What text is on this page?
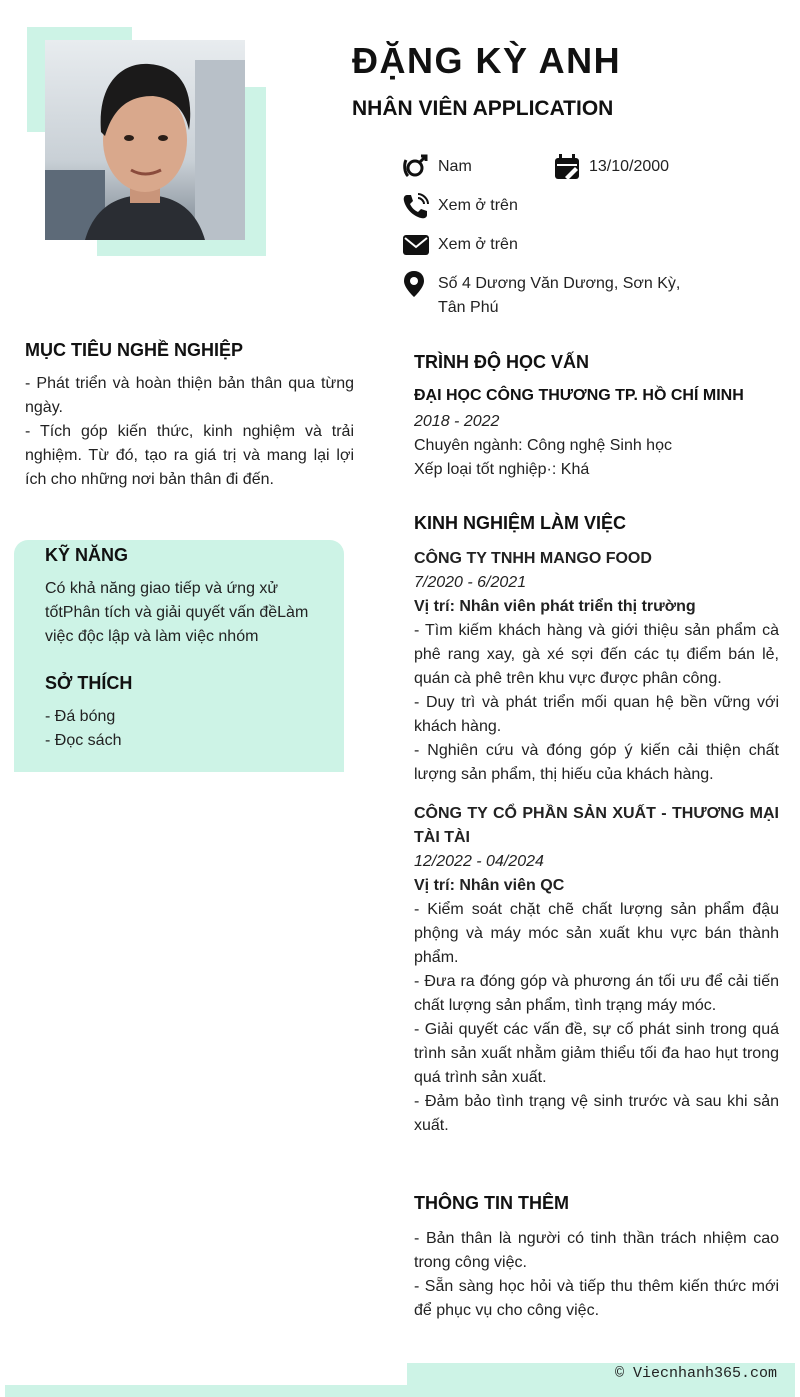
ĐẶNG KỲ ANH
NHÂN VIÊN APPLICATION
Nam	13/10/2000
Xem ở trên
Xem ở trên
Số 4 Dương Văn Dương, Sơn Kỳ,
Tân Phú
MỤC TIÊU NGHỀ NGHIỆP
- Phát triển và hoàn thiện bản thân qua từng ngày.
- Tích góp kiến thức, kinh nghiệm và trải nghiệm. Từ đó, tạo ra giá trị và mang lại lợi ích cho những nơi bản thân đi đến.
KỸ NĂNG
Có khả năng giao tiếp và ứng xử tốtPhân tích và giải quyết vấn đềLàm việc độc lập và làm việc nhóm
SỞ THÍCH
- Đá bóng
- Đọc sách
TRÌNH ĐỘ HỌC VẤN
ĐẠI HỌC CÔNG THƯƠNG TP. HỒ CHÍ MINH
2018 - 2022
Chuyên ngành: Công nghệ Sinh học
Xếp loại tốt nghiệp·: Khá
KINH NGHIỆM LÀM VIỆC
CÔNG TY TNHH MANGO FOOD
7/2020 - 6/2021
Vị trí: Nhân viên phát triển thị trường
- Tìm kiếm khách hàng và giới thiệu sản phẩm cà phê rang xay, gà xé sợi đến các tụ điểm bán lẻ, quán cà phê trên khu vực được phân công.
- Duy trì và phát triển mối quan hệ bền vững với khách hàng.
- Nghiên cứu và đóng góp ý kiến cải thiện chất lượng sản phẩm, thị hiếu của khách hàng.
CÔNG TY CỔ PHẦN SẢN XUẤT - THƯƠNG MẠI TÀI TÀI
12/2022 - 04/2024
Vị trí: Nhân viên QC
- Kiểm soát chặt chẽ chất lượng sản phẩm đậu phộng và máy móc sản xuất khu vực bán thành phẩm.
- Đưa ra đóng góp và phương án tối ưu để cải tiến chất lượng sản phẩm, tình trạng máy móc.
- Giải quyết các vấn đề, sự cố phát sinh trong quá trình sản xuất nhằm giảm thiểu tối đa hao hụt trong quá trình sản xuất.
- Đảm bảo tình trạng vệ sinh trước và sau khi sản xuất.
THÔNG TIN THÊM
- Bản thân là người có tinh thần trách nhiệm cao trong công việc.
- Sẵn sàng học hỏi và tiếp thu thêm kiến thức mới để phục vụ cho công việc.
© Viecnhanh365.com
